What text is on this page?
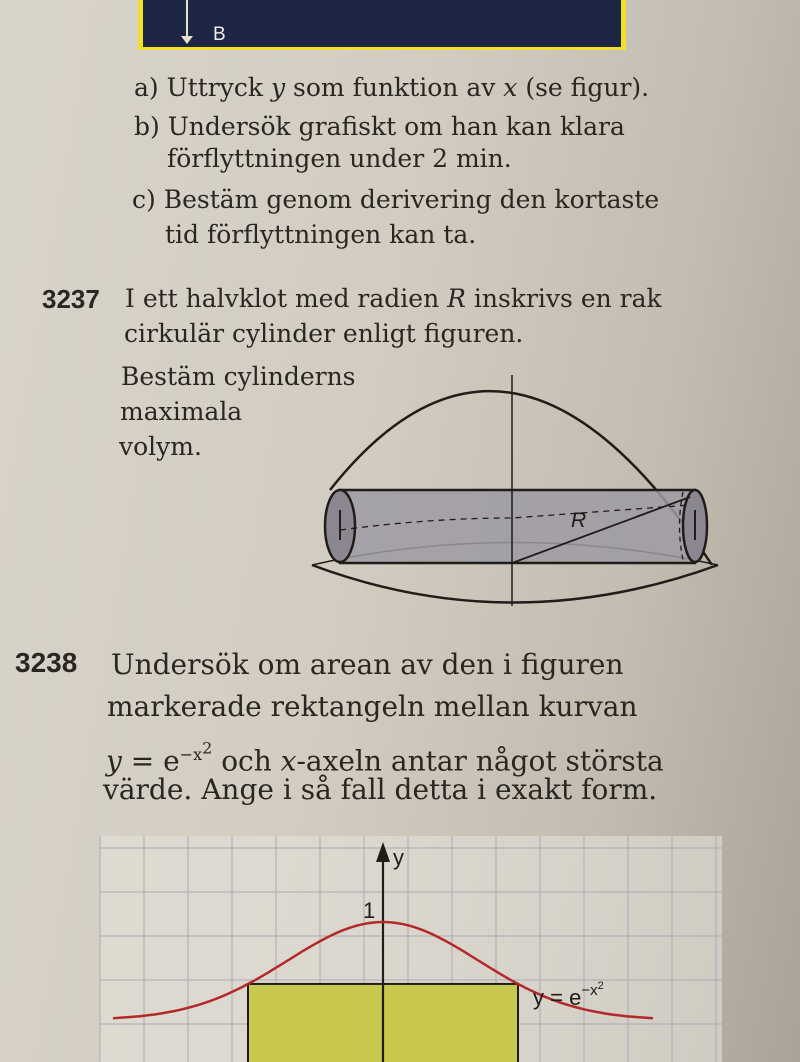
B
a) Uttryck y som funktion av x (se figur).
b) Undersök grafiskt om han kan klara
förflyttningen under 2 min.
c) Bestäm genom derivering den kortaste
tid förflyttningen kan ta.
3237 I ett halvklot med radien R inskrivs en rak
cirkulär cylinder enligt figuren.
Bestäm cylinderns
maximala
volym.
R
3238 Undersök om arean av den i figuren
markerade rektangeln mellan kurvan
$y = e^{-x^2}$ och x-axeln antar något största
värde. Ange i så fall detta i exakt form.
y
1
$y = e^{-x2}$
